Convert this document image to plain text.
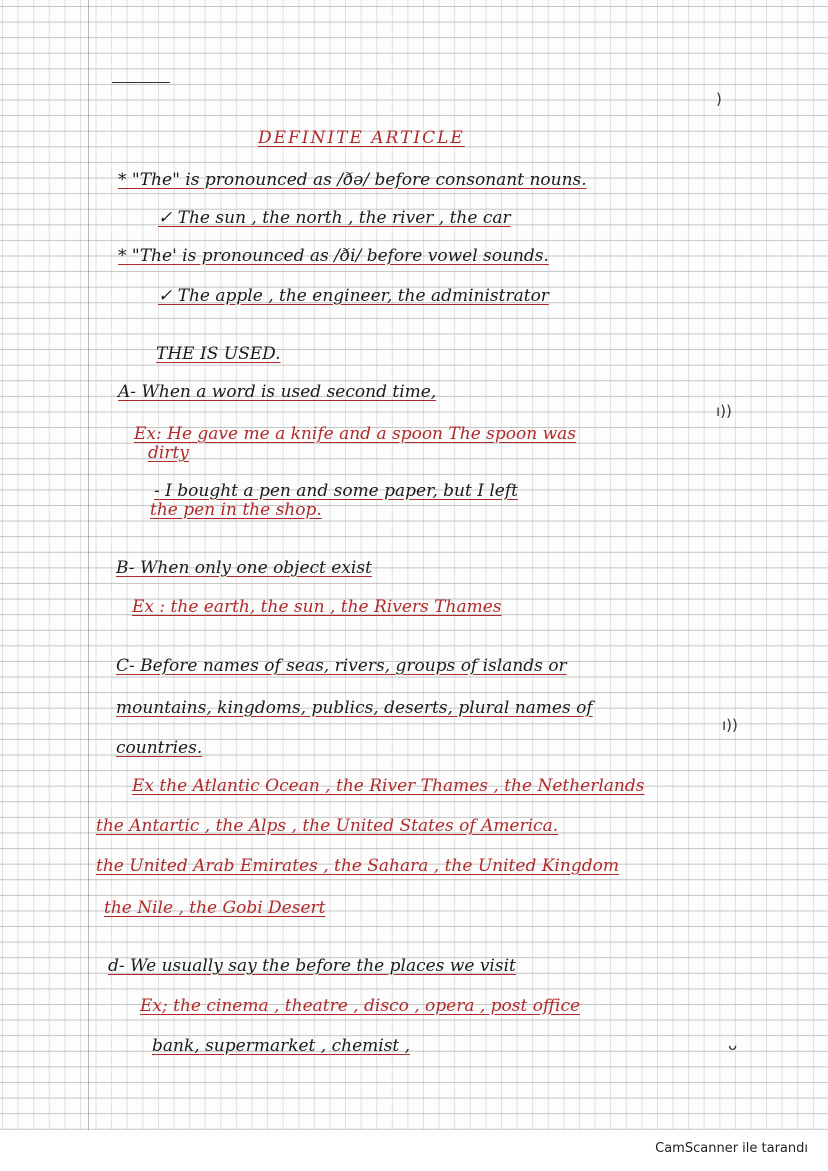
DEFINITE ARTICLE
* "The" is pronounced as /ðə/ before consonant nouns.
✓ The sun , the north , the river , the car
* "The' is pronounced as /ði/ before vowel sounds.
✓ The apple , the engineer, the administrator
THE IS USED.
A- When a word is used second time,
Ex: He gave me a knife and a spoon The spoon was
dirty
- I bought a pen and some paper, but I left
the pen in the shop.
B- When only one object exist
Ex : the earth, the sun , the Rivers Thames
C- Before names of seas, rivers, groups of islands or
mountains, kingdoms, publics, deserts, plural names of
countries.
Ex the Atlantic Ocean , the River Thames , the Netherlands
the Antartic , the Alps , the United States of America.
the United Arab Emirates , the Sahara , the United Kingdom
the Nile , the Gobi Desert
d- We usually say the before the places we visit
Ex; the cinema , theatre , disco , opera , post office
bank, supermarket , chemist ,
)
ı))
ı))
ᴗ
CamScanner ile tarandı
